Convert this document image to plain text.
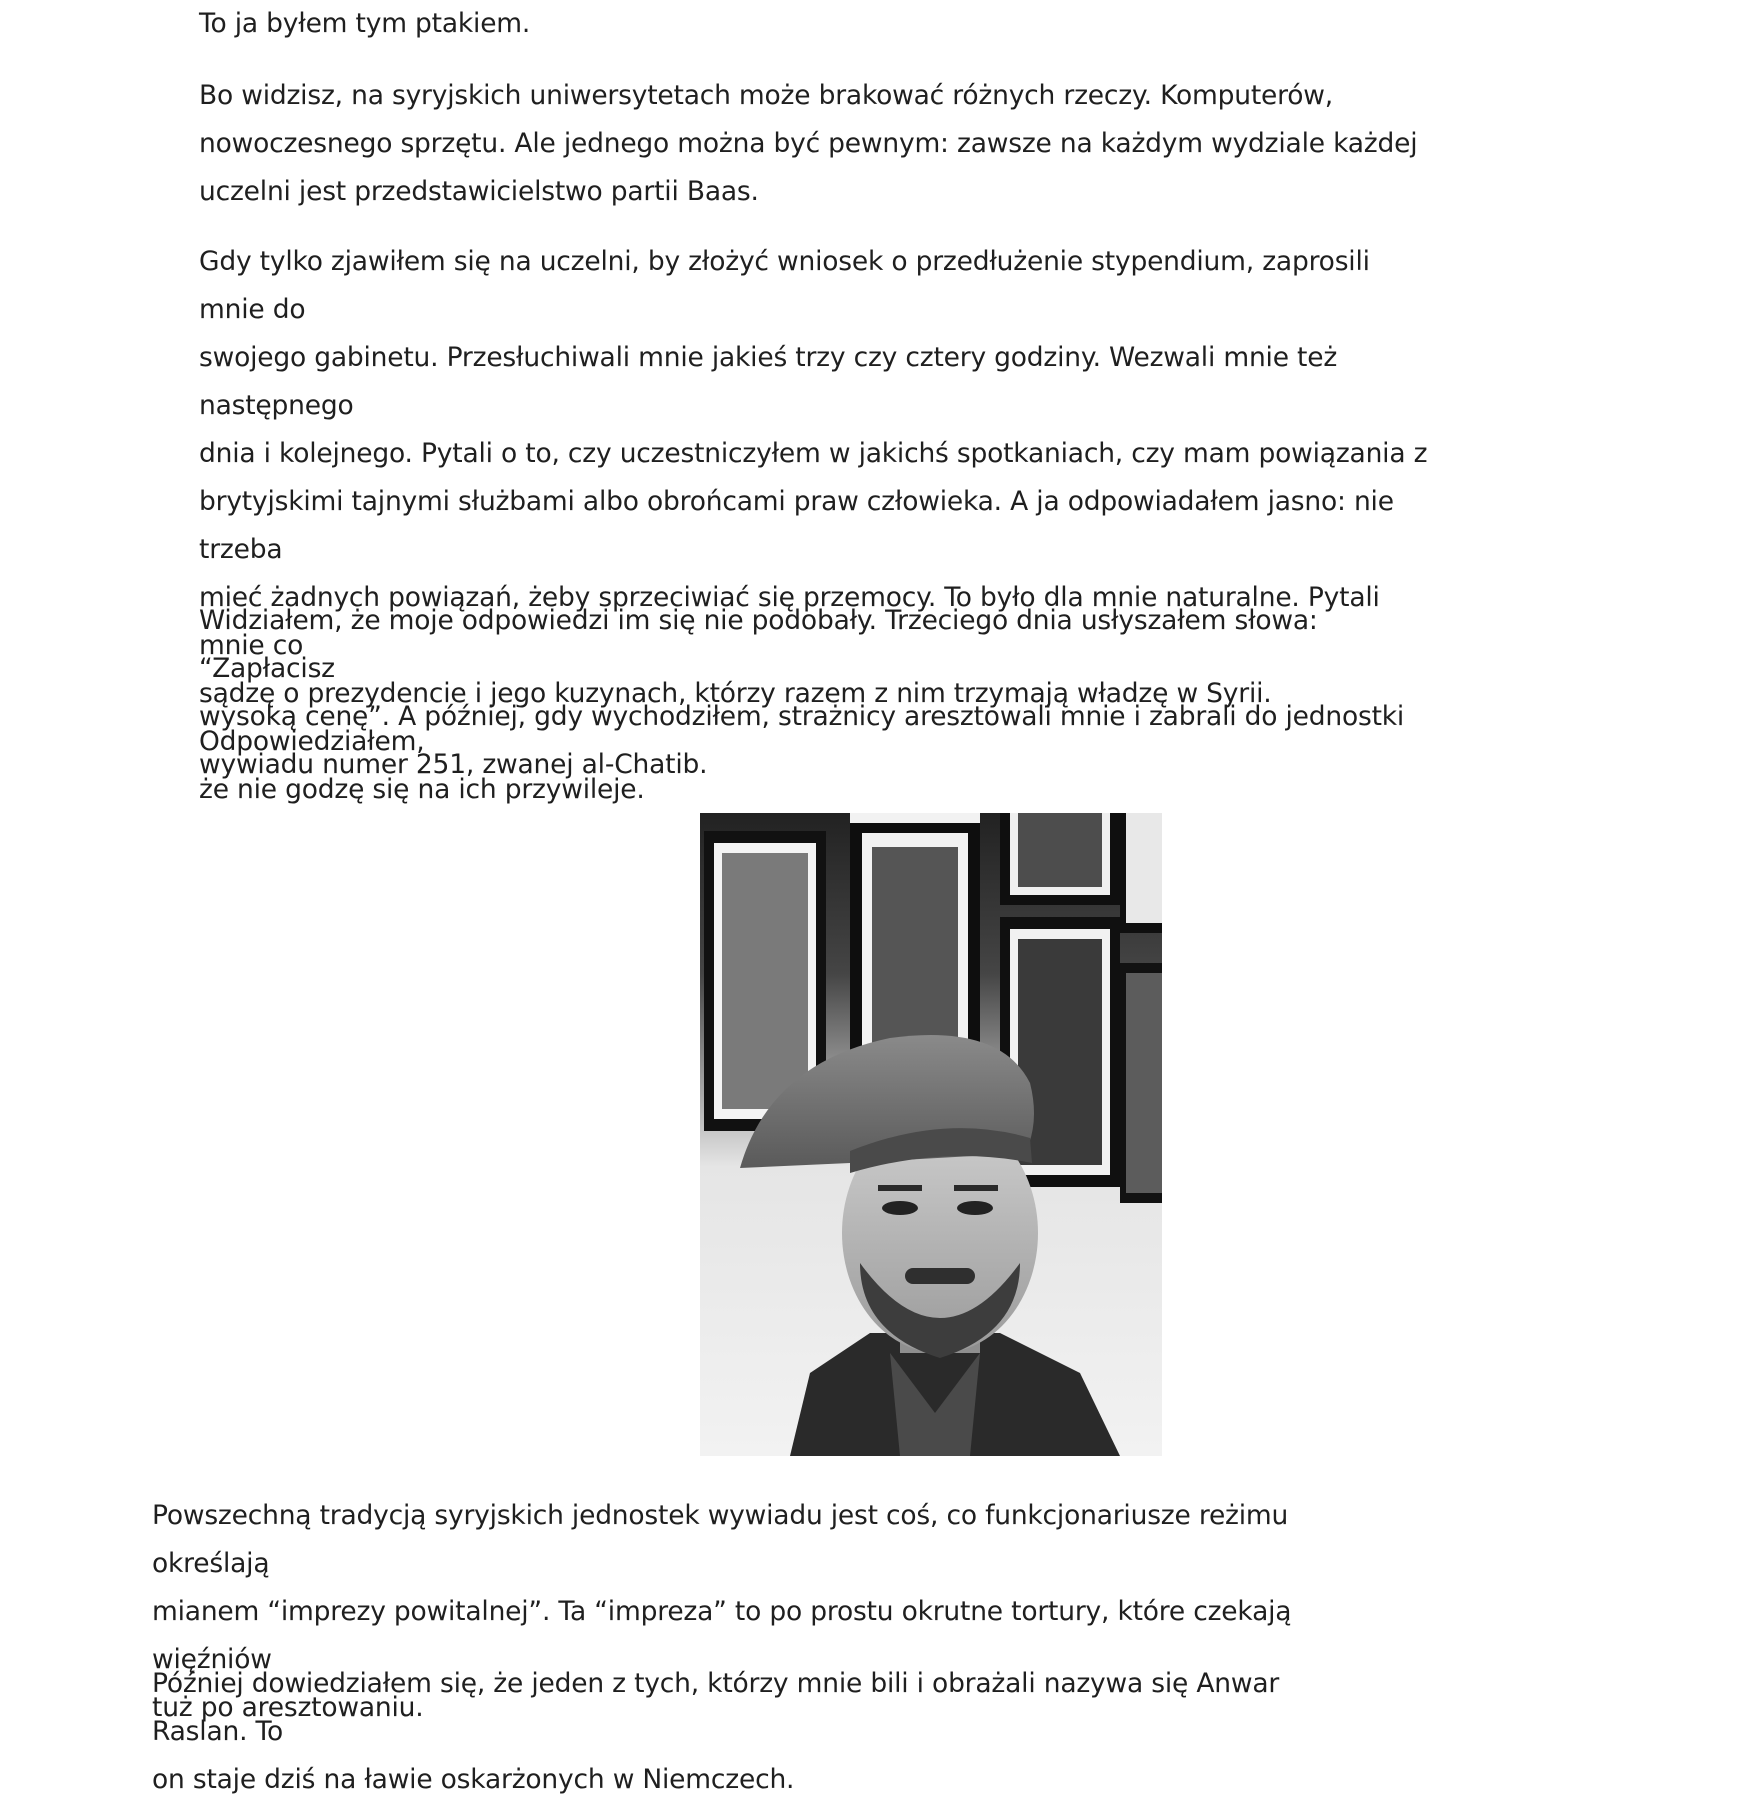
To ja byłem tym ptakiem.

Bo widzisz, na syryjskich uniwersytetach może brakować różnych rzeczy. Komputerów,
nowoczesnego sprzętu. Ale jednego można być pewnym: zawsze na każdym wydziale każdej
uczelni jest przedstawicielstwo partii Baas.

Gdy tylko zjawiłem się na uczelni, by złożyć wniosek o przedłużenie stypendium, zaprosili mnie do
swojego gabinetu. Przesłuchiwali mnie jakieś trzy czy cztery godziny. Wezwali mnie też następnego
dnia i kolejnego. Pytali o to, czy uczestniczyłem w jakichś spotkaniach, czy mam powiązania z
brytyjskimi tajnymi służbami albo obrońcami praw człowieka. A ja odpowiadałem jasno: nie trzeba
mieć żadnych powiązań, żeby sprzeciwiać się przemocy. To było dla mnie naturalne. Pytali mnie co
sądzę o prezydencie i jego kuzynach, którzy razem z nim trzymają władzę w Syrii. Odpowiedziałem,
że nie godzę się na ich przywileje.

Widziałem, że moje odpowiedzi im się nie podobały. Trzeciego dnia usłyszałem słowa: “Zapłacisz
wysoką cenę”. A później, gdy wychodziłem, strażnicy aresztowali mnie i zabrali do jednostki
wywiadu numer 251, zwanej al-Chatib.

Powszechną tradycją syryjskich jednostek wywiadu jest coś, co funkcjonariusze reżimu określają
mianem “imprezy powitalnej”. Ta “impreza” to po prostu okrutne tortury, które czekają więźniów
tuż po aresztowaniu.

Później dowiedziałem się, że jeden z tych, którzy mnie bili i obrażali nazywa się Anwar Raslan. To
on staje dziś na ławie oskarżonych w Niemczech.
